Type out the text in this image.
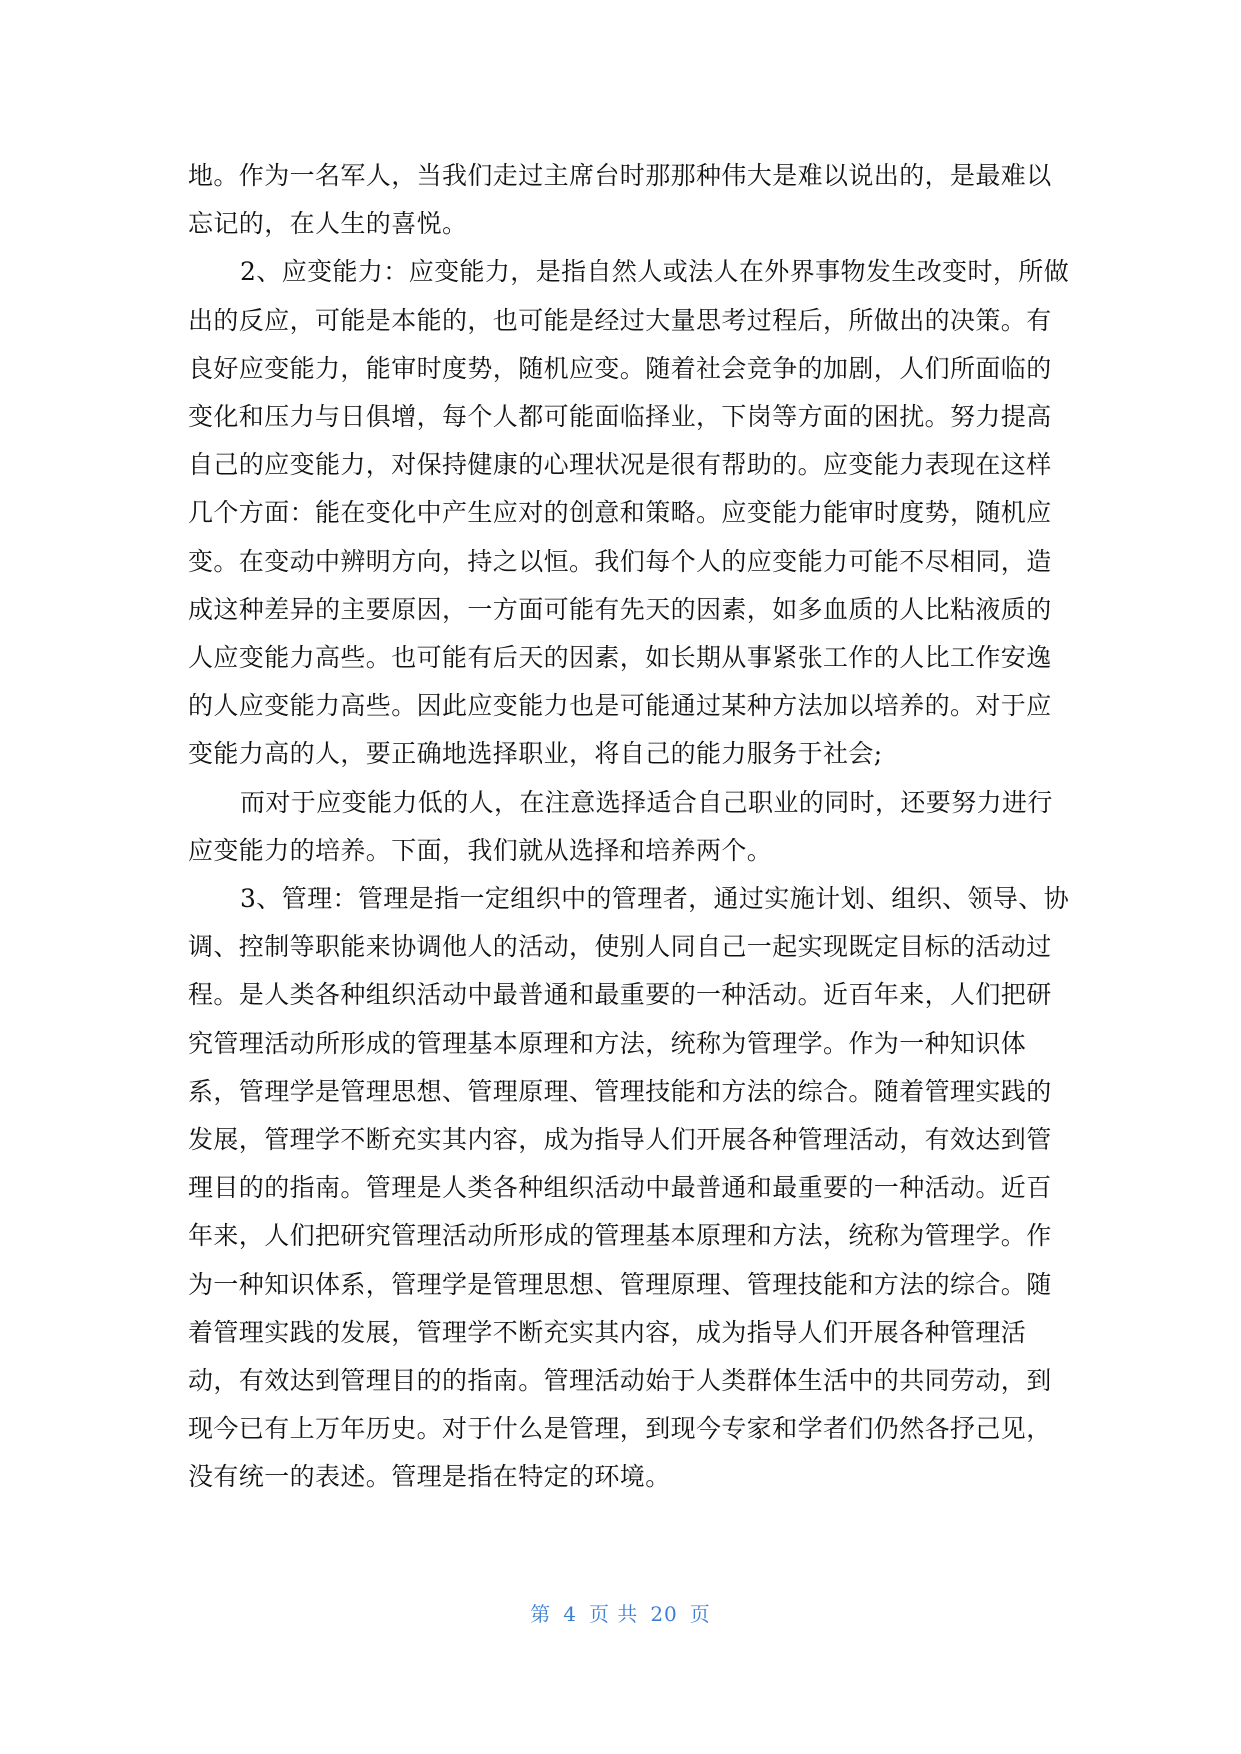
地。作为一名军人，当我们走过主席台时那那种伟大是难以说出的，是最难以
忘记的，在人生的喜悦。

2、应变能力：应变能力，是指自然人或法人在外界事物发生改变时，所做
出的反应，可能是本能的，也可能是经过大量思考过程后，所做出的决策。有
良好应变能力，能审时度势，随机应变。随着社会竞争的加剧，人们所面临的
变化和压力与日俱增，每个人都可能面临择业，下岗等方面的困扰。努力提高
自己的应变能力，对保持健康的心理状况是很有帮助的。应变能力表现在这样
几个方面：能在变化中产生应对的创意和策略。应变能力能审时度势，随机应
变。在变动中辨明方向，持之以恒。我们每个人的应变能力可能不尽相同，造
成这种差异的主要原因，一方面可能有先天的因素，如多血质的人比粘液质的
人应变能力高些。也可能有后天的因素，如长期从事紧张工作的人比工作安逸
的人应变能力高些。因此应变能力也是可能通过某种方法加以培养的。对于应
变能力高的人，要正确地选择职业，将自己的能力服务于社会;

而对于应变能力低的人，在注意选择适合自己职业的同时，还要努力进行
应变能力的培养。下面，我们就从选择和培养两个。

3、管理：管理是指一定组织中的管理者，通过实施计划、组织、领导、协
调、控制等职能来协调他人的活动，使别人同自己一起实现既定目标的活动过
程。是人类各种组织活动中最普通和最重要的一种活动。近百年来，人们把研
究管理活动所形成的管理基本原理和方法，统称为管理学。作为一种知识体
系，管理学是管理思想、管理原理、管理技能和方法的综合。随着管理实践的
发展，管理学不断充实其内容，成为指导人们开展各种管理活动，有效达到管
理目的的指南。管理是人类各种组织活动中最普通和最重要的一种活动。近百
年来，人们把研究管理活动所形成的管理基本原理和方法，统称为管理学。作
为一种知识体系，管理学是管理思想、管理原理、管理技能和方法的综合。随
着管理实践的发展，管理学不断充实其内容，成为指导人们开展各种管理活
动，有效达到管理目的的指南。管理活动始于人类群体生活中的共同劳动，到
现今已有上万年历史。对于什么是管理，到现今专家和学者们仍然各抒己见，
没有统一的表述。管理是指在特定的环境。

第 4 页 共 20 页
